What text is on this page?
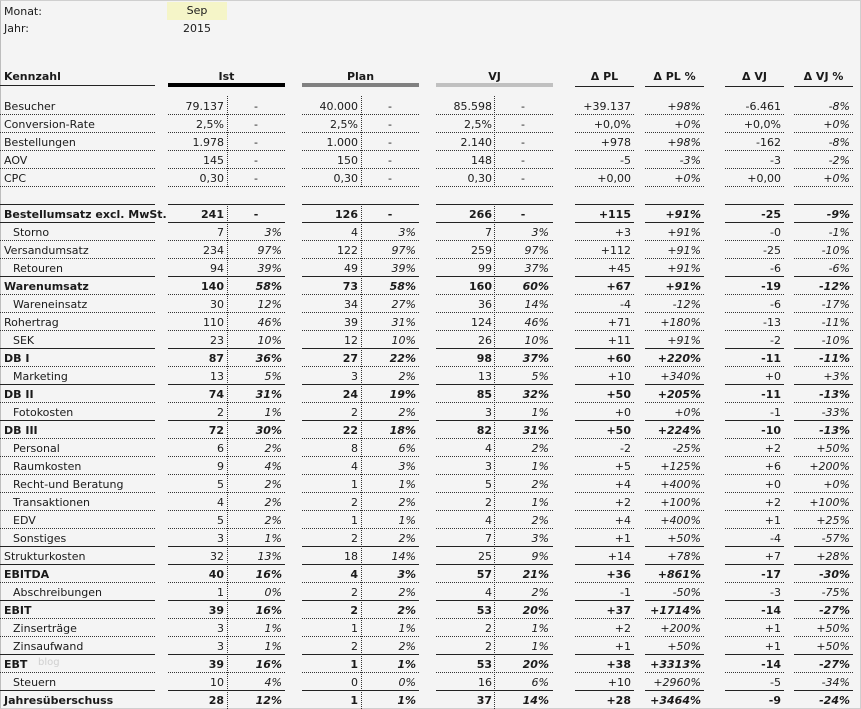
Monat:	Sep
Jahr:	2015
Kennzahl	Ist	Plan	VJ	Δ PL	Δ PL %	Δ VJ	Δ VJ %
Besucher	79.137	-	40.000	-	85.598	-	+39.137	+98%	-6.461	-8%
Conversion-Rate	2,5%	-	2,5%	-	2,5%	-	+0,0%	+0%	+0,0%	+0%
Bestellungen	1.978	-	1.000	-	2.140	-	+978	+98%	-162	-8%
AOV	145	-	150	-	148	-	-5	-3%	-3	-2%
CPC	0,30	-	0,30	-	0,30	-	+0,00	+0%	+0,00	+0%
Bestellumsatz excl. MwSt.	241	-	126	-	266	-	+115	+91%	-25	-9%
Storno	7	3%	4	3%	7	3%	+3	+91%	-0	-1%
Versandumsatz	234	97%	122	97%	259	97%	+112	+91%	-25	-10%
Retouren	94	39%	49	39%	99	37%	+45	+91%	-6	-6%
Warenumsatz	140	58%	73	58%	160	60%	+67	+91%	-19	-12%
Wareneinsatz	30	12%	34	27%	36	14%	-4	-12%	-6	-17%
Rohertrag	110	46%	39	31%	124	46%	+71	+180%	-13	-11%
SEK	23	10%	12	10%	26	10%	+11	+91%	-2	-10%
DB I	87	36%	27	22%	98	37%	+60	+220%	-11	-11%
Marketing	13	5%	3	2%	13	5%	+10	+340%	+0	+3%
DB II	74	31%	24	19%	85	32%	+50	+205%	-11	-13%
Fotokosten	2	1%	2	2%	3	1%	+0	+0%	-1	-33%
DB III	72	30%	22	18%	82	31%	+50	+224%	-10	-13%
Personal	6	2%	8	6%	4	2%	-2	-25%	+2	+50%
Raumkosten	9	4%	4	3%	3	1%	+5	+125%	+6	+200%
Recht-und Beratung	5	2%	1	1%	5	2%	+4	+400%	+0	+0%
Transaktionen	4	2%	2	2%	2	1%	+2	+100%	+2	+100%
EDV	5	2%	1	1%	4	2%	+4	+400%	+1	+25%
Sonstiges	3	1%	2	2%	7	3%	+1	+50%	-4	-57%
Strukturkosten	32	13%	18	14%	25	9%	+14	+78%	+7	+28%
EBITDA	40	16%	4	3%	57	21%	+36	+861%	-17	-30%
Abschreibungen	1	0%	2	2%	4	2%	-1	-50%	-3	-75%
EBIT	39	16%	2	2%	53	20%	+37	+1714%	-14	-27%
Zinserträge	3	1%	1	1%	2	1%	+2	+200%	+1	+50%
Zinsaufwand	3	1%	2	2%	2	1%	+1	+50%	+1	+50%
EBT	39	16%	1	1%	53	20%	+38	+3313%	-14	-27%
Steuern	10	4%	0	0%	16	6%	+10	+2960%	-5	-34%
Jahresüberschuss	28	12%	1	1%	37	14%	+28	+3464%	-9	-24%
blog
